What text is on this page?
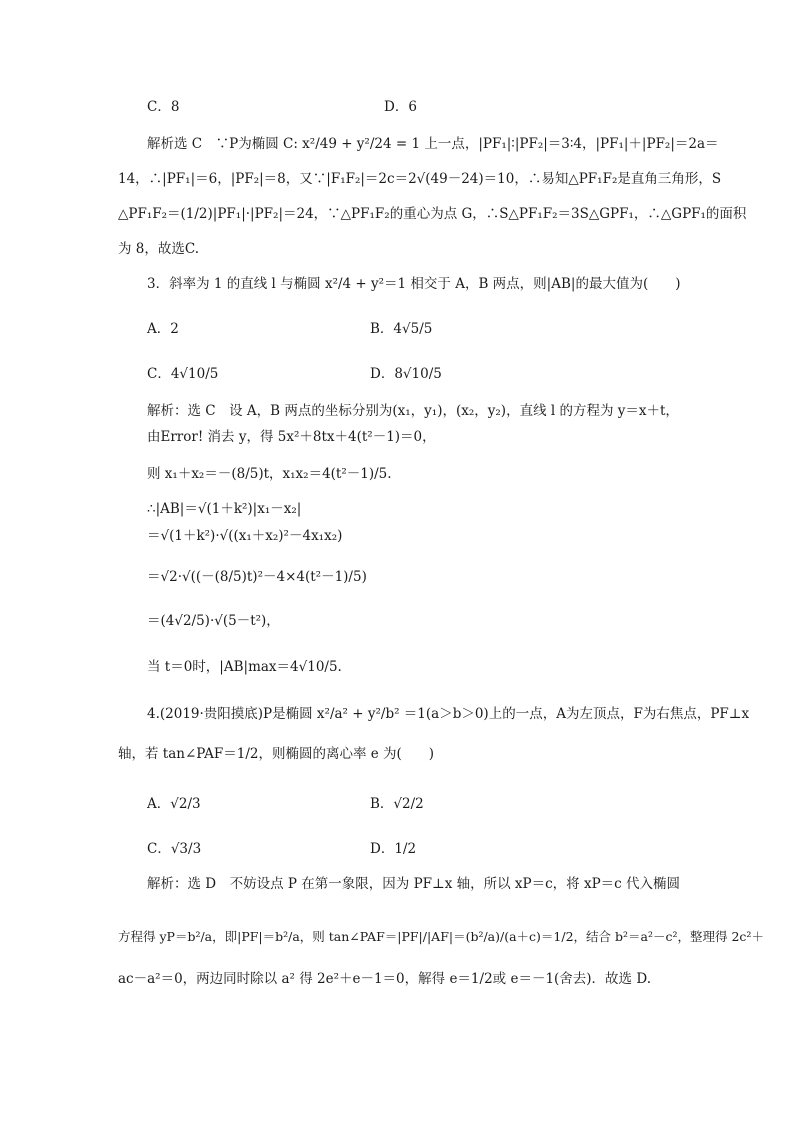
C．8	D．6
解析选 C　∵P为椭圆 C: x²/49 + y²/24 = 1 上一点，|PF₁|∶|PF₂|＝3∶4，|PF₁|＋|PF₂|＝2a＝
14，∴|PF₁|＝6，|PF₂|＝8，又∵|F₁F₂|＝2c＝2√(49－24)＝10，∴易知△PF₁F₂是直角三角形，S
△PF₁F₂＝(1/2)|PF₁|·|PF₂|＝24，∵△PF₁F₂的重心为点 G，∴S△PF₁F₂＝3S△GPF₁，∴△GPF₁的面积
为 8，故选C.
3．斜率为 1 的直线 l 与椭圆 x²/4 + y²＝1 相交于 A，B 两点，则|AB|的最大值为(　　)
A．2	B．4√5/5
C．4√10/5	D．8√10/5
解析：选 C　设 A，B 两点的坐标分别为(x₁，y₁)，(x₂，y₂)，直线 l 的方程为 y＝x＋t，
由Error! 消去 y，得 5x²＋8tx＋4(t²－1)＝0，
则 x₁＋x₂＝－(8/5)t，x₁x₂＝4(t²－1)/5.
∴|AB|＝√(1＋k²)|x₁－x₂|
＝√(1＋k²)·√((x₁＋x₂)²－4x₁x₂)
＝√2·√((－(8/5)t)²－4×4(t²－1)/5)
＝(4√2/5)·√(5－t²)，
当 t＝0时，|AB|max＝4√10/5.
4.(2019·贵阳摸底)P是椭圆 x²/a² + y²/b² ＝1(a＞b＞0)上的一点，A为左顶点，F为右焦点，PF⊥x
轴，若 tan∠PAF＝1/2，则椭圆的离心率 e 为(　　)
A．√2/3	B．√2/2
C．√3/3	D．1/2
解析：选 D　不妨设点 P 在第一象限，因为 PF⊥x 轴，所以 xP＝c，将 xP＝c 代入椭圆
方程得 yP＝b²/a，即|PF|＝b²/a，则 tan∠PAF＝|PF|/|AF|＝(b²/a)/(a＋c)＝1/2，结合 b²＝a²－c²，整理得 2c²＋
ac－a²＝0，两边同时除以 a² 得 2e²＋e－1＝0，解得 e＝1/2或 e＝－1(舍去)．故选 D.
